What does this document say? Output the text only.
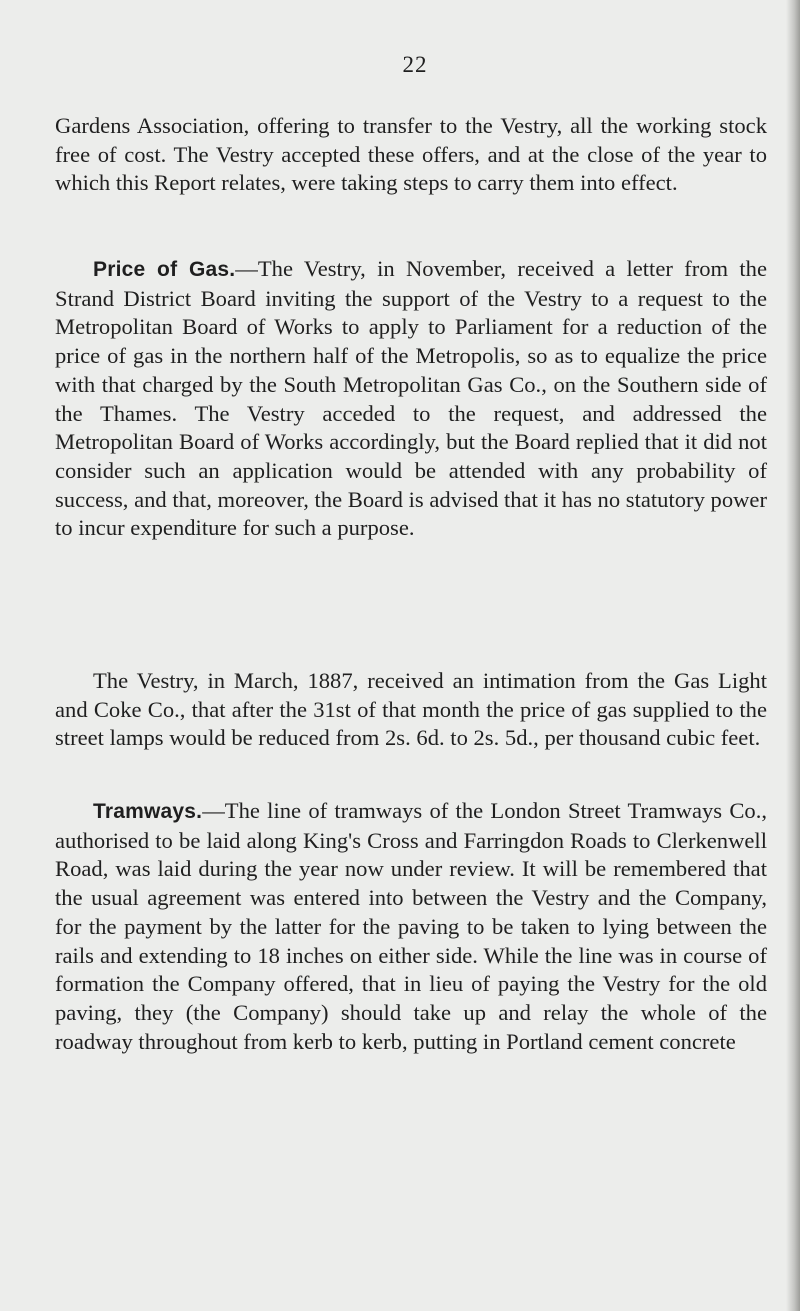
22

Gardens Association, offering to transfer to the Vestry, all the working stock free of cost. The Vestry accepted these offers, and at the close of the year to which this Report relates, were taking steps to carry them into effect.

Price of Gas.—The Vestry, in November, received a letter from the Strand District Board inviting the support of the Vestry to a request to the Metropolitan Board of Works to apply to Parliament for a reduction of the price of gas in the northern half of the Metropolis, so as to equalize the price with that charged by the South Metropolitan Gas Co., on the Southern side of the Thames. The Vestry acceded to the request, and addressed the Metropolitan Board of Works accordingly, but the Board replied that it did not consider such an application would be attended with any probability of success, and that, moreover, the Board is advised that it has no statutory power to incur expenditure for such a purpose.
The Vestry, in March, 1887, received an intimation from the Gas Light and Coke Co., that after the 31st of that month the price of gas supplied to the street lamps would be reduced from 2s. 6d. to 2s. 5d., per thousand cubic feet.
Tramways.—The line of tramways of the London Street Tramways Co., authorised to be laid along King's Cross and Farringdon Roads to Clerkenwell Road, was laid during the year now under review. It will be remembered that the usual agreement was entered into between the Vestry and the Company, for the payment by the latter for the paving to be taken to lying between the rails and extending to 18 inches on either side. While the line was in course of formation the Company offered, that in lieu of paying the Vestry for the old paving, they (the Company) should take up and relay the whole of the roadway throughout from kerb to kerb, putting in Portland cement concrete
